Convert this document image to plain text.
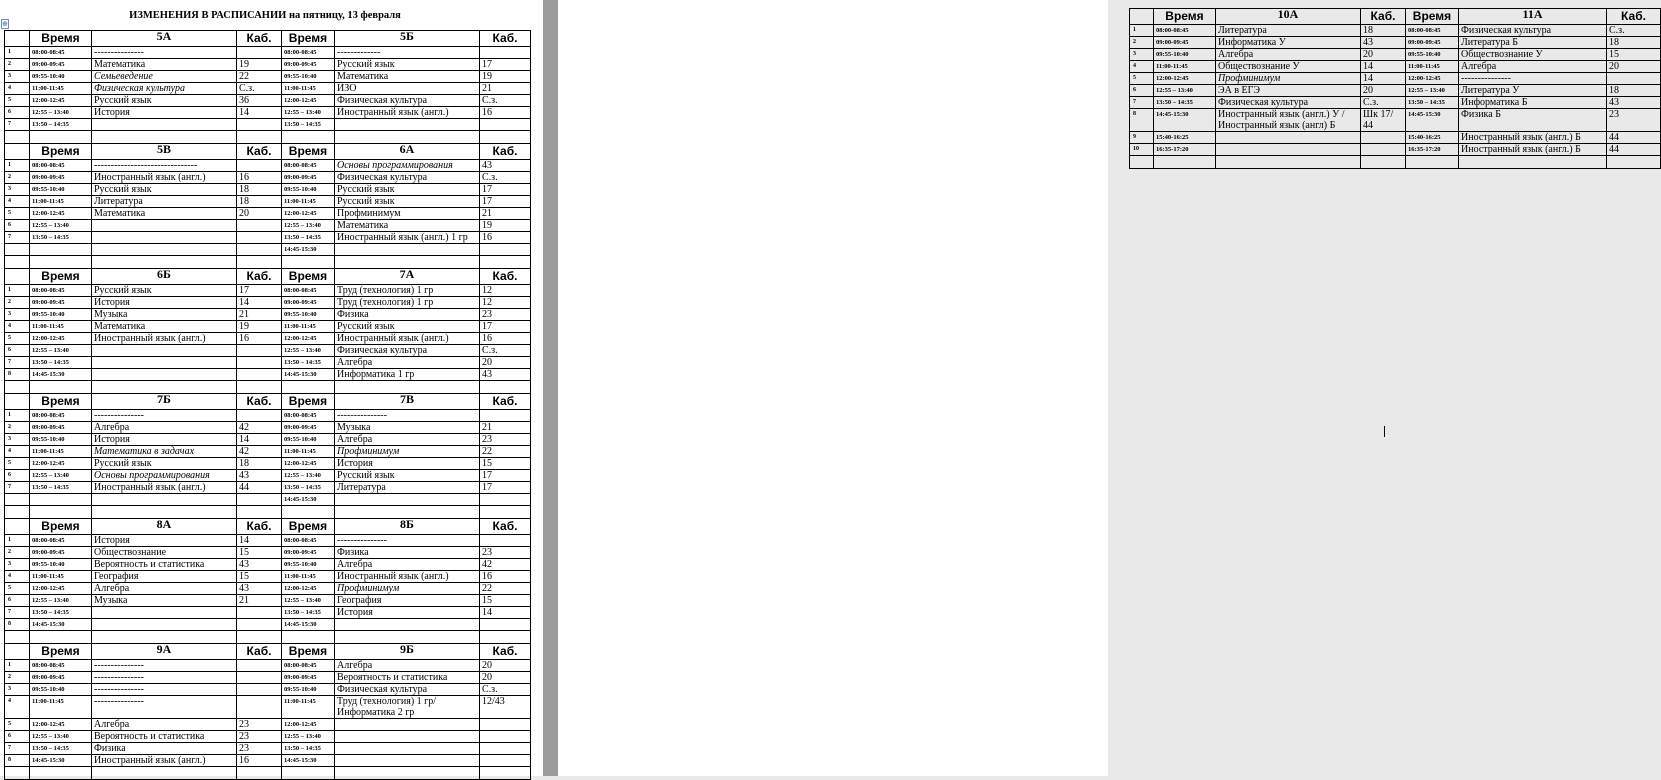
⊕
ИЗМЕНЕНИЯ В РАСПИСАНИИ на пятницу, 13 февраля
	Время	5А	Каб.	Время	5Б	Каб.
1	08:00-08:45	---------------		08:00-08:45	-------------	
2	09:00-09:45	Математика	19	09:00-09:45	Русский язык	17
3	09:55-10:40	Семьеведение	22	09:55-10:40	Математика	19
4	11:00-11:45	Физическая культура	С.з.	11:00-11:45	ИЗО	21
5	12:00-12:45	Русский язык	36	12:00-12:45	Физическая культура	С.з.
6	12:55 – 13:40	История	14	12:55 – 13:40	Иностранный язык (англ.)	16
7	13:50 – 14:35			13:50 – 14:35		

	Время	5В	Каб.	Время	6А	Каб.
1	08:00-08:45	-------------------------------		08:00-08:45	Основы программирования	43
2	09:00-09:45	Иностранный язык (англ.)	16	09:00-09:45	Физическая культура	С.з.
3	09:55-10:40	Русский язык	18	09:55-10:40	Русский язык	17
4	11:00-11:45	Литература	18	11:00-11:45	Русский язык	17
5	12:00-12:45	Математика	20	12:00-12:45	Профминимум	21
6	12:55 – 13:40			12:55 – 13:40	Математика	19
7	13:50 – 14:35			13:50 – 14:35	Иностранный язык (англ.) 1 гр	16
				14:45-15:30		

	Время	6Б	Каб.	Время	7А	Каб.
1	08:00-08:45	Русский язык	17	08:00-08:45	Труд (технология) 1 гр	12
2	09:00-09:45	История	14	09:00-09:45	Труд (технология) 1 гр	12
3	09:55-10:40	Музыка	21	09:55-10:40	Физика	23
4	11:00-11:45	Математика	19	11:00-11:45	Русский язык	17
5	12:00-12:45	Иностранный язык (англ.)	16	12:00-12:45	Иностранный язык (англ.)	16
6	12:55 – 13:40			12:55 – 13:40	Физическая культура	С.з.
7	13:50 – 14:35			13:50 – 14:35	Алгебра	20
8	14:45-15:30			14:45-15:30	Информатика 1 гр	43

	Время	7Б	Каб.	Время	7В	Каб.
1	08:00-08:45	---------------		08:00-08:45	---------------	
2	09:00-09:45	Алгебра	42	09:00-09:45	Музыка	21
3	09:55-10:40	История	14	09:55-10:40	Алгебра	23
4	11:00-11:45	Математика в задачах	42	11:00-11:45	Профминимум	22
5	12:00-12:45	Русский язык	18	12:00-12:45	История	15
6	12:55 – 13:40	Основы программирования	43	12:55 – 13:40	Русский язык	17
7	13:50 – 14:35	Иностранный язык (англ.)	44	13:50 – 14:35	Литература	17
				14:45-15:30		

	Время	8А	Каб.	Время	8Б	Каб.
1	08:00-08:45	История	14	08:00-08:45	---------------	
2	09:00-09:45	Обществознание	15	09:00-09:45	Физика	23
3	09:55-10:40	Вероятность и статистика	43	09:55-10:40	Алгебра	42
4	11:00-11:45	География	15	11:00-11:45	Иностранный язык (англ.)	16
5	12:00-12:45	Алгебра	43	12:00-12:45	Профминимум	22
6	12:55 – 13:40	Музыка	21	12:55 – 13:40	География	15
7	13:50 – 14:35			13:50 – 14:35	История	14
8	14:45-15:30			14:45-15:30		

	Время	9А	Каб.	Время	9Б	Каб.
1	08:00-08:45	---------------		08:00-08:45	Алгебра	20
2	09:00-09:45	---------------		09:00-09:45	Вероятность и статистика	20
3	09:55-10:40	---------------		09:55-10:40	Физическая культура	С.з.
4	11:00-11:45	---------------		11:00-11:45	Труд (технология) 1 гр/ Информатика 2 гр	12/43
5	12:00-12:45	Алгебра	23	12:00-12:45		
6	12:55 – 13:40	Вероятность и статистика	23	12:55 – 13:40		
7	13:50 – 14:35	Физика	23	13:50 – 14:35		
8	14:45-15:30	Иностранный язык (англ.)	16	14:45-15:30		

	Время	10А	Каб.	Время	11А	Каб.
1	08:00-08:45	Литература	18	08:00-08:45	Физическая культура	С.з.
2	09:00-09:45	Информатика У	43	09:00-09:45	Литература Б	18
3	09:55-10:40	Алгебра	20	09:55-10:40	Обществознание У	15
4	11:00-11:45	Обществознание У	14	11:00-11:45	Алгебра	20
5	12:00-12:45	Профминимум	14	12:00-12:45	---------------	
6	12:55 – 13:40	ЭА в ЕГЭ	20	12:55 – 13:40	Литература У	18
7	13:50 – 14:35	Физическая культура	С.з.	13:50 – 14:35	Информатика Б	43
8	14:45-15:30	Иностранный язык (англ.) У / Иностранный язык (англ) Б	Шк 17/ 44	14:45-15:30	Физика Б	23
9	15:40-16:25			15:40-16:25	Иностранный язык (англ.) Б	44
10	16:35-17:20			16:35-17:20	Иностранный язык (англ.) Б	44
